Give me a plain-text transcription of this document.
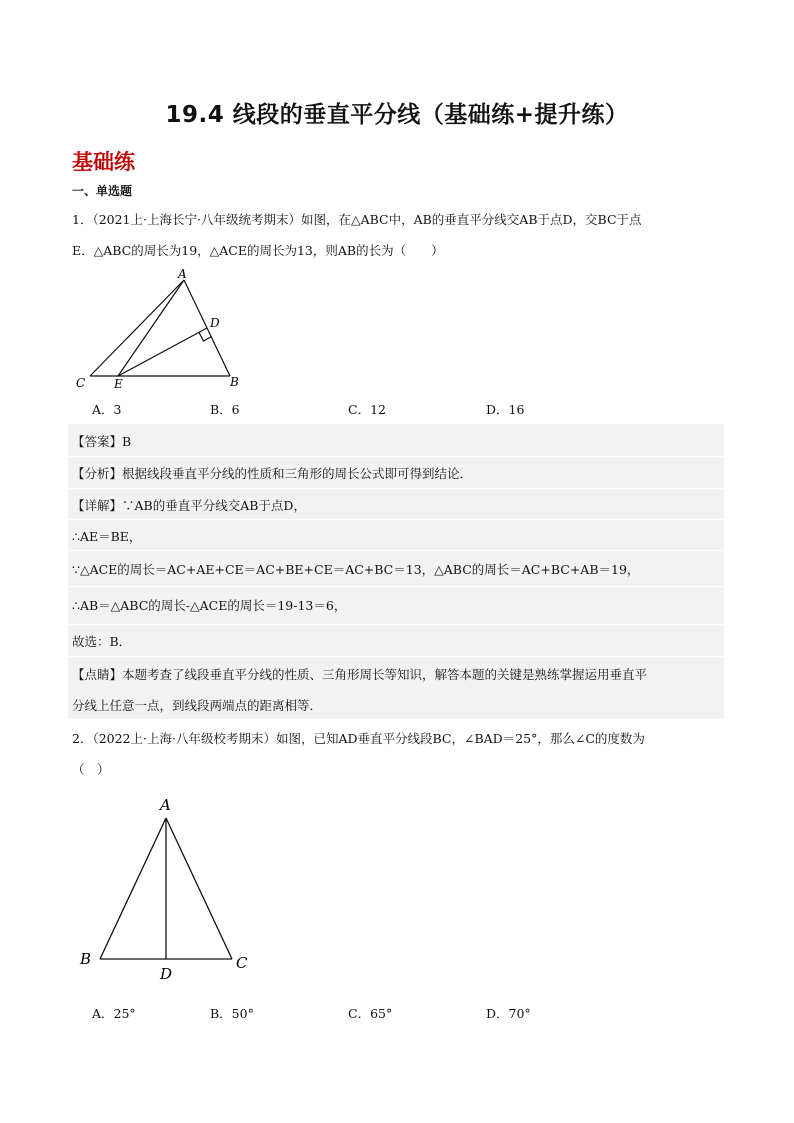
19.4 线段的垂直平分线（基础练+提升练）
基础练
一、单选题
1．（2021上·上海长宁·八年级统考期末）如图，在△ABC中，AB的垂直平分线交AB于点D，交BC于点
E．△ABC的周长为19，△ACE的周长为13，则AB的长为（　　）
A
D
C E	B
A．3	B．6	C．12	D．16
【答案】B
【分析】根据线段垂直平分线的性质和三角形的周长公式即可得到结论．
【详解】∵AB的垂直平分线交AB于点D，
∴AE＝BE，
∵△ACE的周长＝AC+AE+CE＝AC+BE+CE＝AC+BC＝13，△ABC的周长＝AC+BC+AB＝19，
∴AB＝△ABC的周长-△ACE的周长＝19-13＝6，
故选：B．
【点睛】本题考查了线段垂直平分线的性质、三角形周长等知识，解答本题的关键是熟练掌握运用垂直平
分线上任意一点，到线段两端点的距离相等．
2．（2022上·上海·八年级校考期末）如图，已知AD垂直平分线段BC，∠BAD＝25°，那么∠C的度数为
（　）
A
B	C
D
A．25°	B．50°	C．65°	D．70°
